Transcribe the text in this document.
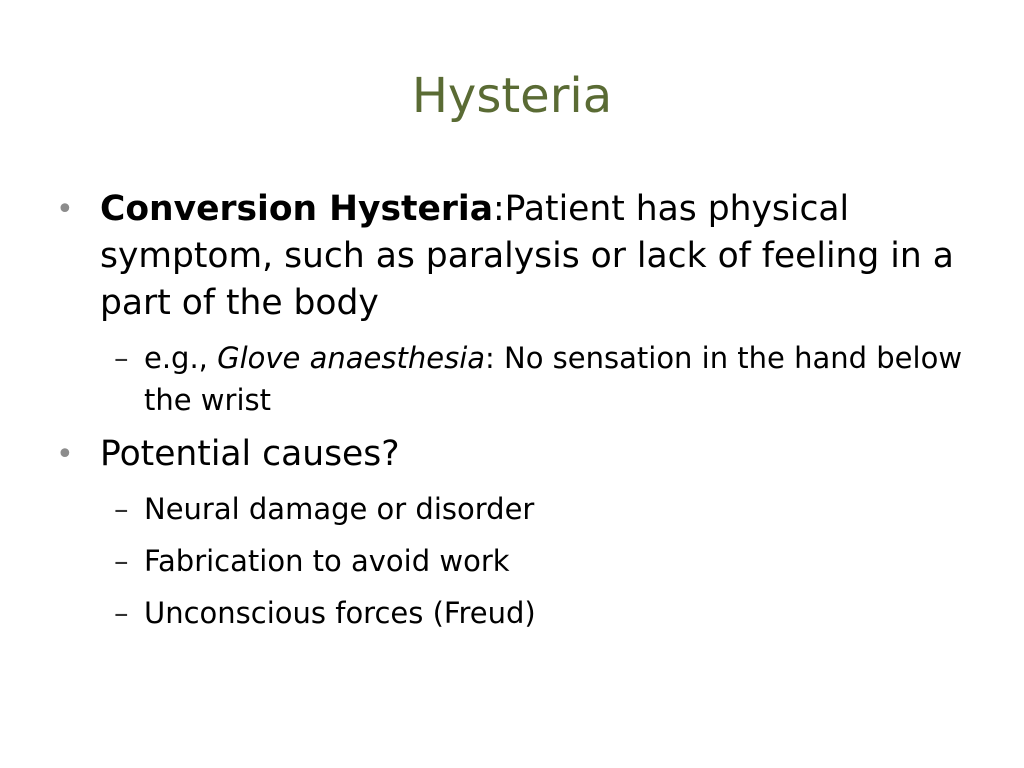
Hysteria
• Conversion Hysteria:Patient has physical symptom, such as paralysis or lack of feeling in a part of the body
– e.g., Glove anaesthesia: No sensation in the hand below the wrist
• Potential causes?
– Neural damage or disorder
– Fabrication to avoid work
– Unconscious forces (Freud)
